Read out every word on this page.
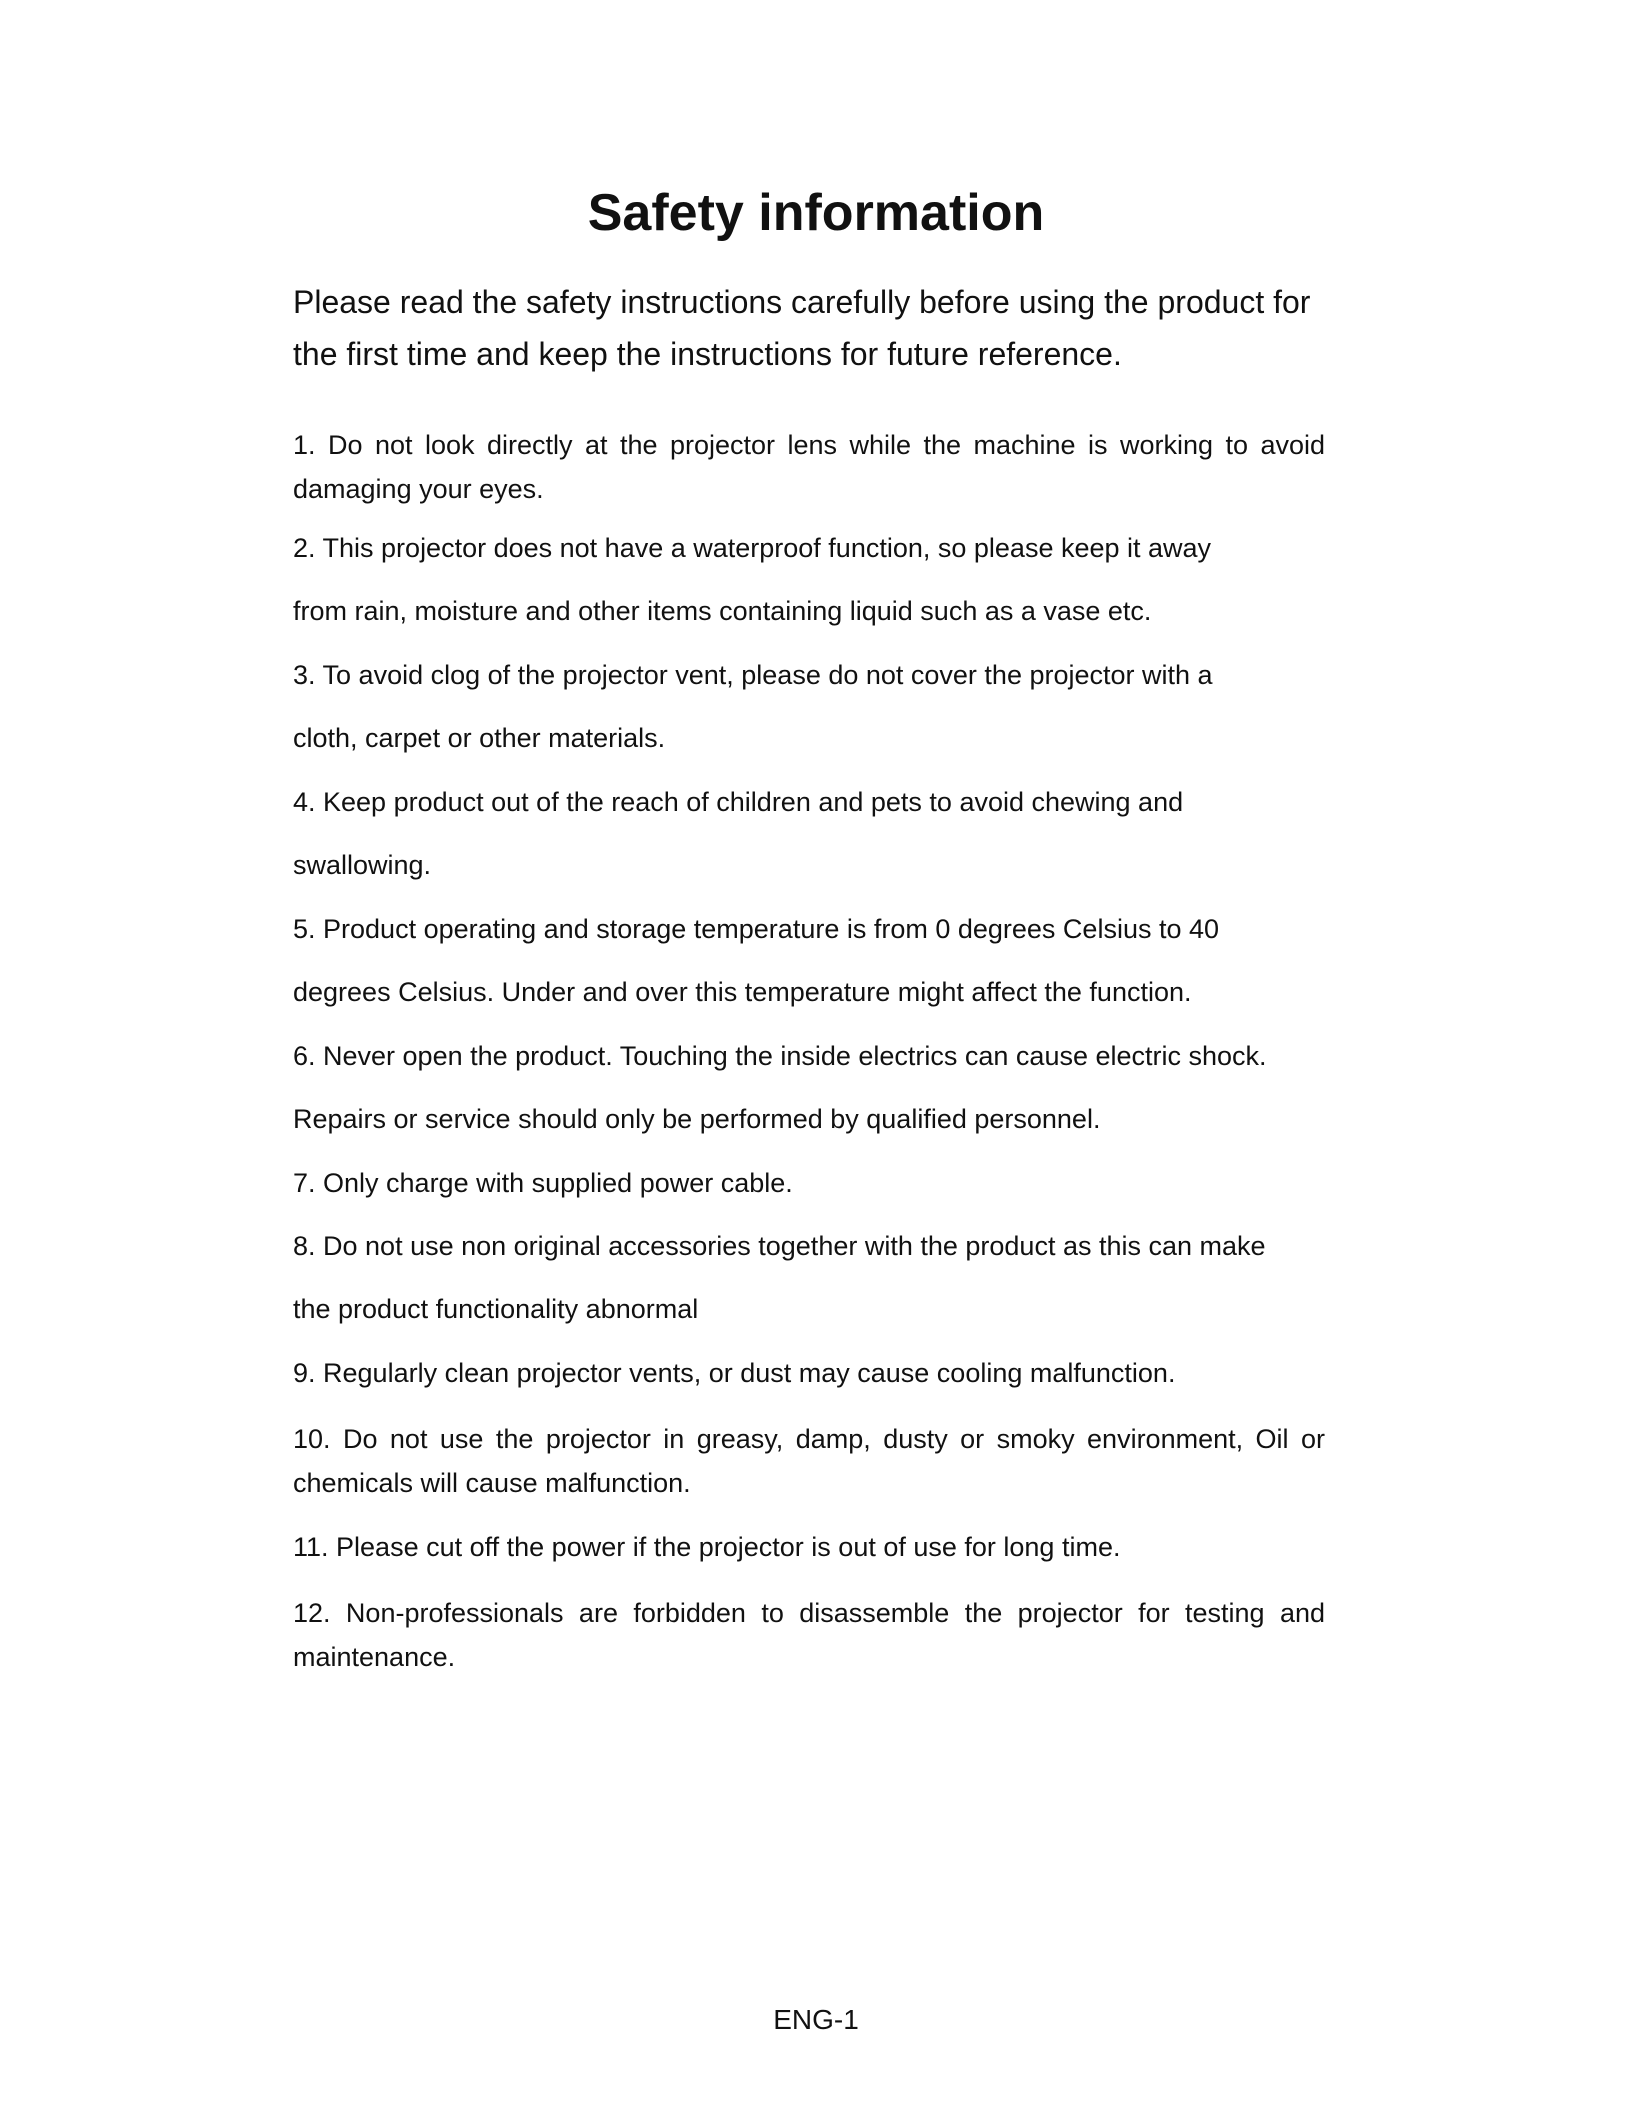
Safety information

Please read the safety instructions carefully before using the product for the first time and keep the instructions for future reference.

1. Do not look directly at the projector lens while the machine is working to avoid damaging your eyes.

2. This projector does not have a waterproof function, so please keep it away
from rain, moisture and other items containing liquid such as a vase etc.
3. To avoid clog of the projector vent, please do not cover the projector with a
cloth, carpet or other materials.
4. Keep product out of the reach of children and pets to avoid chewing and
swallowing.
5. Product operating and storage temperature is from 0 degrees Celsius to 40
degrees Celsius. Under and over this temperature might affect the function.
6. Never open the product. Touching the inside electrics can cause electric shock.
Repairs or service should only be performed by qualified personnel.
7. Only charge with supplied power cable.
8. Do not use non original accessories together with the product as this can make
the product functionality abnormal
9. Regularly clean projector vents, or dust may cause cooling malfunction.

10. Do not use the projector in greasy, damp, dusty or smoky environment, Oil or chemicals will cause malfunction.

11. Please cut off the power if the projector is out of use for long time.

12. Non-professionals are forbidden to disassemble the projector for testing and maintenance.

ENG-1
